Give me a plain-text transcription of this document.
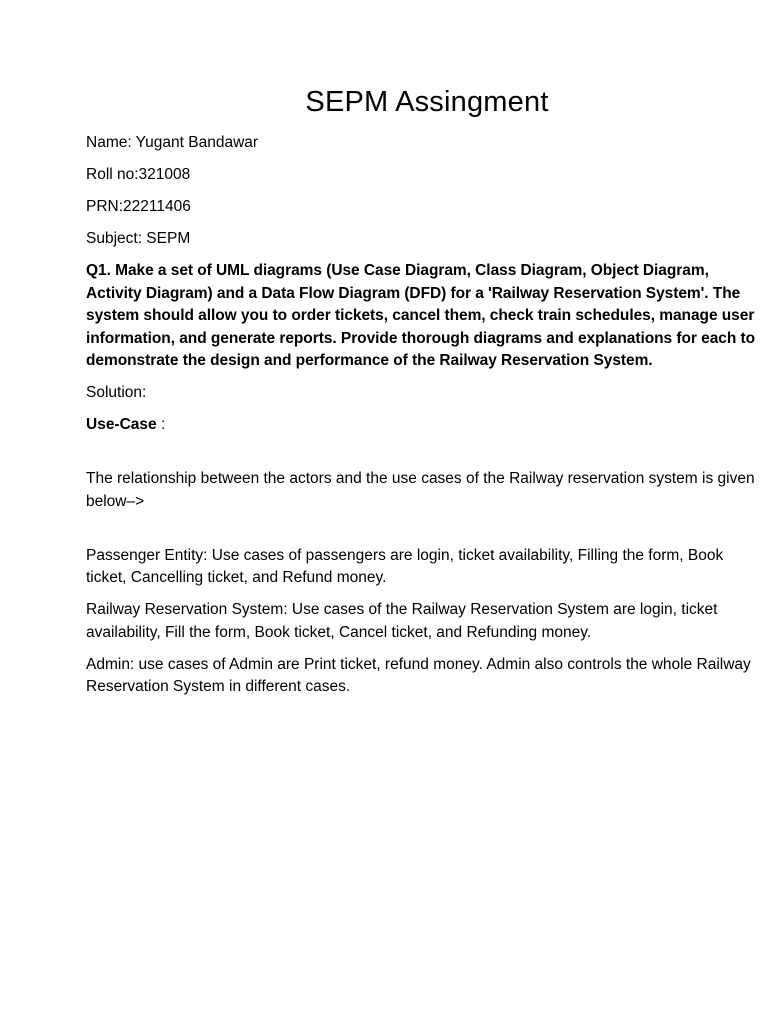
SEPM Assingment

Name: Yugant Bandawar

Roll no:321008

PRN:22211406

Subject: SEPM

Q1. Make a set of UML diagrams (Use Case Diagram, Class Diagram, Object Diagram, Activity Diagram) and a Data Flow Diagram (DFD) for a 'Railway Reservation System'. The system should allow you to order tickets, cancel them, check train schedules, manage user information, and generate reports. Provide thorough diagrams and explanations for each to demonstrate the design and performance of the Railway Reservation System.

Solution:

Use-Case :

The relationship between the actors and the use cases of the Railway reservation system is given below–>

Passenger Entity: Use cases of passengers are login, ticket availability, Filling the form, Book ticket, Cancelling ticket, and Refund money.

Railway Reservation System: Use cases of the Railway Reservation System are login, ticket availability, Fill the form, Book ticket, Cancel ticket, and Refunding money.

Admin: use cases of Admin are Print ticket, refund money. Admin also controls the whole Railway Reservation System in different cases.
